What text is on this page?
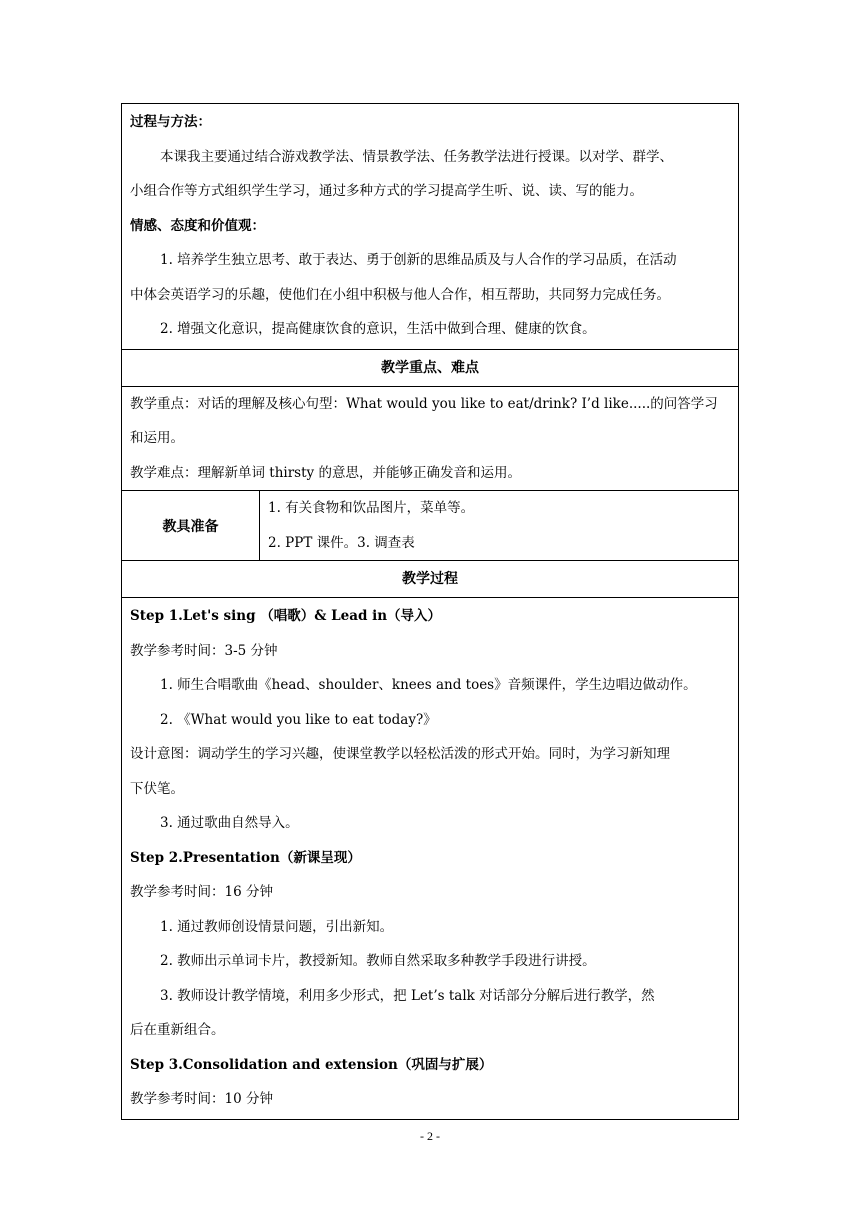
过程与方法：
本课我主要通过结合游戏教学法、情景教学法、任务教学法进行授课。以对学、群学、
小组合作等方式组织学生学习，通过多种方式的学习提高学生听、说、读、写的能力。
情感、态度和价值观：
1. 培养学生独立思考、敢于表达、勇于创新的思维品质及与人合作的学习品质，在活动
中体会英语学习的乐趣，使他们在小组中积极与他人合作，相互帮助，共同努力完成任务。
2. 增强文化意识，提高健康饮食的意识，生活中做到合理、健康的饮食。

教学重点、难点

教学重点：对话的理解及核心句型：What would you like to eat/drink? I’d like.....的问答学习
和运用。
教学难点：理解新单词 thirsty 的意思，并能够正确发音和运用。

教具准备	
1. 有关食物和饮品图片，菜单等。
2. PPT 课件。3. 调查表

教学过程

Step 1.Let's sing （唱歌）& Lead in（导入）
教学参考时间：3-5 分钟
1. 师生合唱歌曲《head、shoulder、knees and toes》音频课件，学生边唱边做动作。
2. 《What would you like to eat today?》
设计意图：调动学生的学习兴趣，使课堂教学以轻松活泼的形式开始。同时，为学习新知理
下伏笔。
3. 通过歌曲自然导入。
Step 2.Presentation（新课呈现）
教学参考时间：16 分钟
1. 通过教师创设情景问题，引出新知。
2. 教师出示单词卡片，教授新知。教师自然采取多种教学手段进行讲授。
3. 教师设计教学情境，利用多少形式，把 Let’s talk 对话部分分解后进行教学，然
后在重新组合。
Step 3.Consolidation and extension（巩固与扩展）
教学参考时间：10 分钟
- 2 -
